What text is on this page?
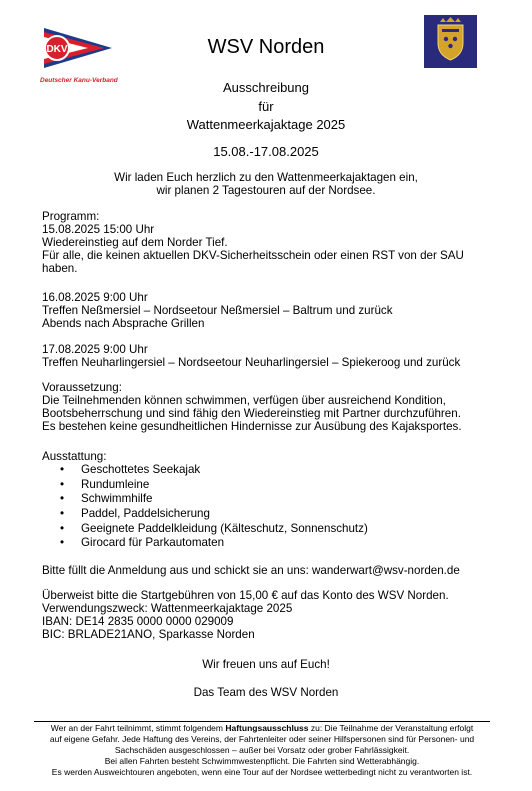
DKV
Deutscher Kanu-Verband
WSV Norden
Ausschreibung
für
Wattenmeerkajaktage 2025
15.08.-17.08.2025
Wir laden Euch herzlich zu den Wattenmeerkajaktagen ein,
wir planen 2 Tagestouren auf der Nordsee.
Programm:
15.08.2025 15:00 Uhr
Wiedereinstieg auf dem Norder Tief.
Für alle, die keinen aktuellen DKV-Sicherheitsschein oder einen RST von der SAU
haben.
16.08.2025 9:00 Uhr
Treffen Neßmersiel – Nordseetour Neßmersiel – Baltrum und zurück
Abends nach Absprache Grillen
17.08.2025 9:00 Uhr
Treffen Neuharlingersiel – Nordseetour Neuharlingersiel – Spiekeroog und zurück
Voraussetzung:
Die Teilnehmenden können schwimmen, verfügen über ausreichend Kondition,
Bootsbeherrschung und sind fähig den Wiedereinstieg mit Partner durchzuführen.
Es bestehen keine gesundheitlichen Hindernisse zur Ausübung des Kajaksportes.
Ausstattung:
• Geschottetes Seekajak
• Rundumleine
• Schwimmhilfe
• Paddel, Paddelsicherung
• Geeignete Paddelkleidung (Kälteschutz, Sonnenschutz)
• Girocard für Parkautomaten
Bitte füllt die Anmeldung aus und schickt sie an uns: wanderwart@wsv-norden.de
Überweist bitte die Startgebühren von 15,00 € auf das Konto des WSV Norden.
Verwendungszweck: Wattenmeerkajaktage 2025
IBAN: DE14 2835 0000 0000 029009
BIC: BRLADE21ANO, Sparkasse Norden
Wir freuen uns auf Euch!
Das Team des WSV Norden
Wer an der Fahrt teilnimmt, stimmt folgendem Haftungsausschluss zu: Die Teilnahme der Veranstaltung erfolgt
auf eigene Gefahr. Jede Haftung des Vereins, der Fahrtenleiter oder seiner Hilfspersonen sind für Personen- und
Sachschäden ausgeschlossen – außer bei Vorsatz oder grober Fahrlässigkeit.
Bei allen Fahrten besteht Schwimmwestenpflicht. Die Fahrten sind Wetterabhängig.
Es werden Ausweichtouren angeboten, wenn eine Tour auf der Nordsee wetterbedingt nicht zu verantworten ist.
